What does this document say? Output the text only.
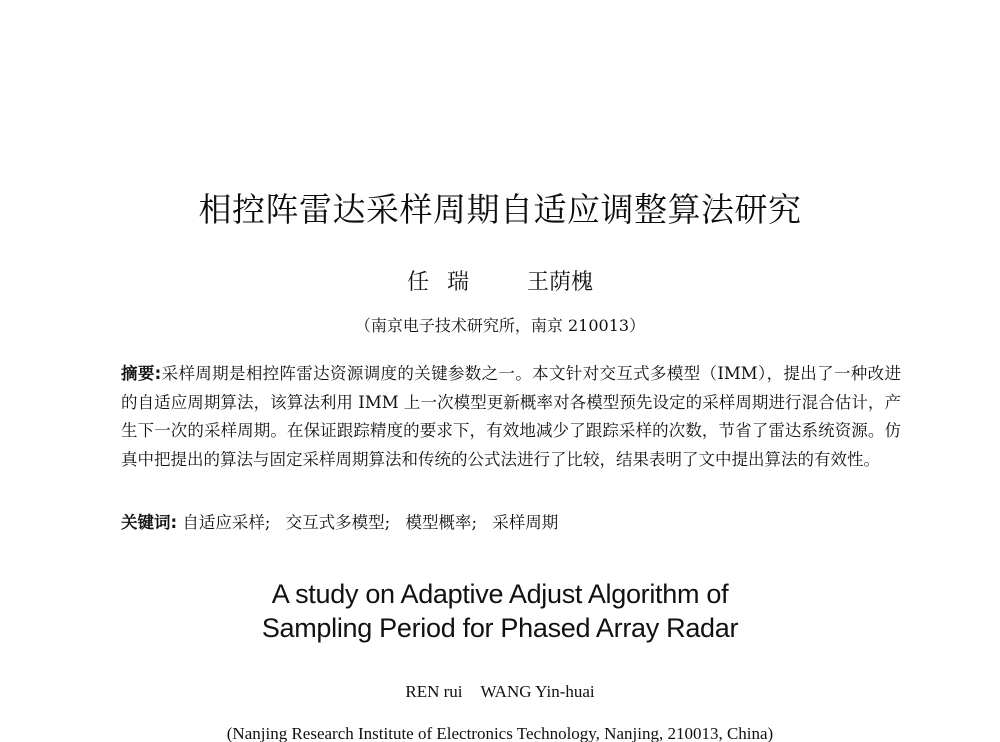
相控阵雷达采样周期自适应调整算法研究
任瑞 王荫槐
（南京电子技术研究所，南京 210013）
摘要:采样周期是相控阵雷达资源调度的关键参数之一。本文针对交互式多模型（IMM），提出了一种改进的自适应周期算法，该算法利用 IMM 上一次模型更新概率对各模型预先设定的采样周期进行混合估计，产生下一次的采样周期。在保证跟踪精度的要求下，有效地减少了跟踪采样的次数，节省了雷达系统资源。仿真中把提出的算法与固定采样周期算法和传统的公式法进行了比较，结果表明了文中提出算法的有效性。
关键词: 自适应采样; 交互式多模型; 模型概率; 采样周期
A study on Adaptive Adjust Algorithm of
Sampling Period for Phased Array Radar
REN rui WANG Yin-huai
(Nanjing Research Institute of Electronics Technology, Nanjing, 210013, China)
